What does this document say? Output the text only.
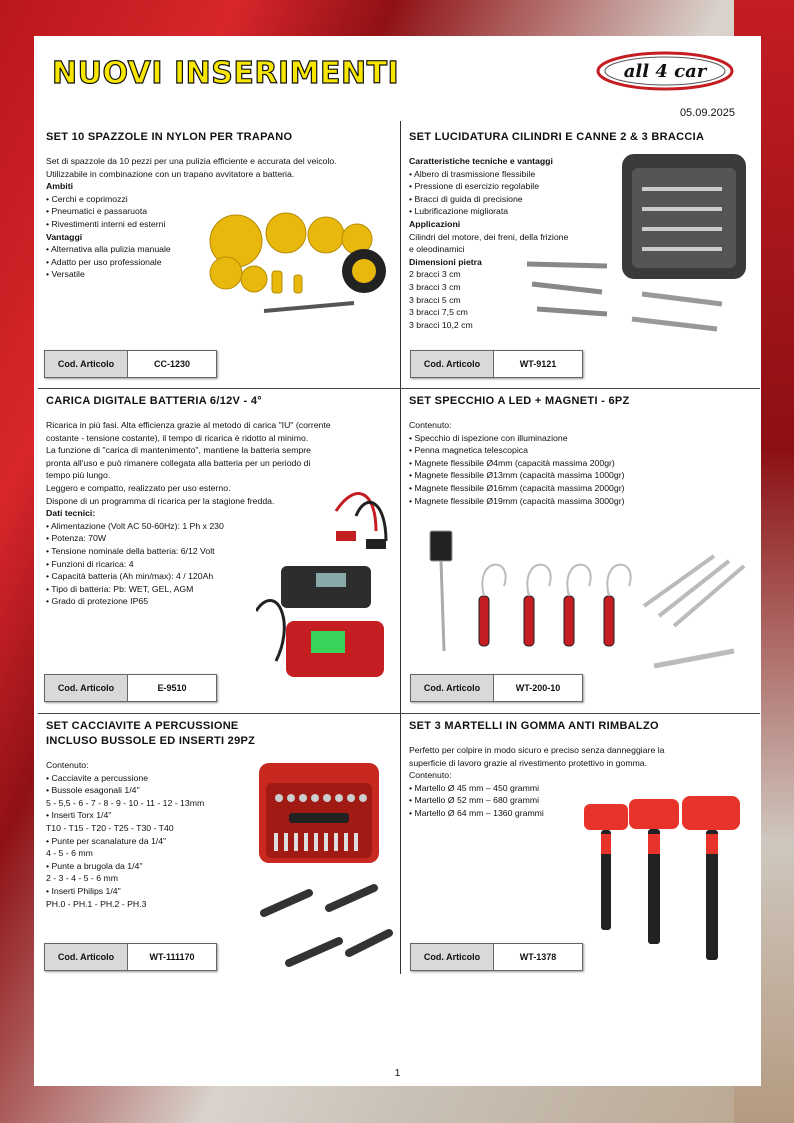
NUOVI INSERIMENTI	all 4 car
05.09.2025
SET 10 SPAZZOLE IN NYLON PER TRAPANO
Set di spazzole da 10 pezzi per una pulizia efficiente e accurata del veicolo.
Utilizzabile in combinazione con un trapano avvitatore a batteria.
Ambiti
• Cerchi e coprimozzi
• Pneumatici e passaruota
• Rivestimenti interni ed esterni
Vantaggi
• Alternativa alla pulizia manuale
• Adatto per uso professionale
• Versatile
Cod. Articolo	CC-1230
SET LUCIDATURA CILINDRI E CANNE 2 & 3 BRACCIA
Caratteristiche tecniche e vantaggi
• Albero di trasmissione flessibile
• Pressione di esercizio regolabile
• Bracci di guida di precisione
• Lubrificazione migliorata
Applicazioni
Cilindri del motore, dei freni, della frizione
e oleodinamici
Dimensioni pietra
2 bracci 3 cm
3 bracci 3 cm
3 bracci 5 cm
3 bracci 7,5 cm
3 bracci 10,2 cm
Cod. Articolo	WT-9121
CARICA DIGITALE BATTERIA 6/12V - 4°
Ricarica in più fasi. Alta efficienza grazie al metodo di carica "IU" (corrente
costante - tensione costante), il tempo di ricarica è ridotto al minimo.
La funzione di "carica di mantenimento", mantiene la batteria sempre
pronta all'uso e può rimanere collegata alla batteria per un periodo di
tempo più lungo.
Leggero e compatto, realizzato per uso esterno.
Dispone di un programma di ricarica per la stagione fredda.
Dati tecnici:
• Alimentazione (Volt AC 50-60Hz): 1 Ph x 230
• Potenza: 70W
• Tensione nominale della batteria: 6/12 Volt
• Funzioni di ricarica: 4
• Capacità batteria (Ah min/max): 4 / 120Ah
• Tipo di batteria: Pb: WET, GEL, AGM
• Grado di protezione IP65
Cod. Articolo	E-9510
SET SPECCHIO A LED + MAGNETI - 6PZ
Contenuto:
• Specchio di ispezione con illuminazione
• Penna magnetica telescopica
• Magnete flessibile Ø4mm (capacità massima 200gr)
• Magnete flessibile Ø13mm (capacità massima 1000gr)
• Magnete flessibile Ø16mm (capacità massima 2000gr)
• Magnete flessibile Ø19mm (capacità massima 3000gr)
Cod. Articolo	WT-200-10
SET CACCIAVITE A PERCUSSIONE
INCLUSO BUSSOLE ED INSERTI 29PZ
Contenuto:
• Cacciavite a percussione
• Bussole esagonali 1/4''
5 - 5,5 - 6 - 7 - 8 - 9 - 10 - 11 - 12 - 13mm
• Inserti Torx 1/4''
T10 - T15 - T20 - T25 - T30 - T40
• Punte per scanalature da 1/4''
4 - 5 - 6 mm
• Punte a brugola da 1/4''
2 - 3 - 4 - 5 - 6 mm
• Inserti Philips 1/4"
PH.0 - PH.1 - PH.2 - PH.3
Cod. Articolo	WT-111170
SET 3 MARTELLI IN GOMMA ANTI RIMBALZO
Perfetto per colpire in modo sicuro e preciso senza danneggiare la
superficie di lavoro grazie al rivestimento protettivo in gomma.
Contenuto:
• Martello Ø 45 mm – 450 grammi
• Martello Ø 52 mm – 680 grammi
• Martello Ø 64 mm – 1360 grammi
Cod. Articolo	WT-1378
1
